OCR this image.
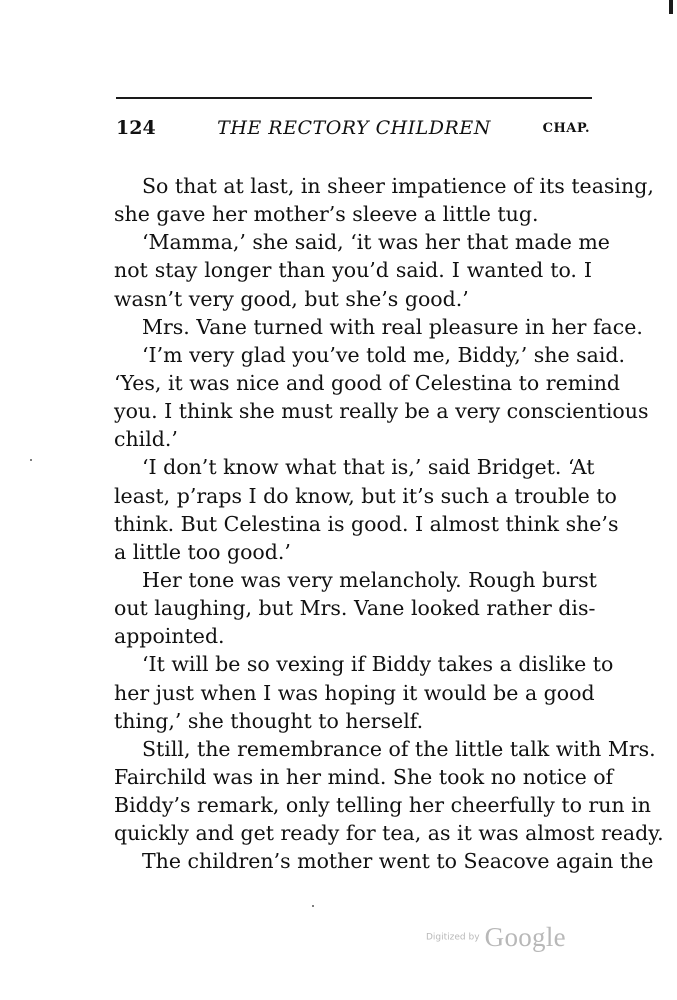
124	THE RECTORY CHILDREN	CHAP.
So that at last, in sheer impatience of its teasing,
she gave her mother’s sleeve a little tug.
‘Mamma,’ she said, ‘it was her that made me
not stay longer than you’d said. I wanted to. I
wasn’t very good, but she’s good.’
Mrs. Vane turned with real pleasure in her face.
‘I’m very glad you’ve told me, Biddy,’ she said.
‘Yes, it was nice and good of Celestina to remind
you. I think she must really be a very conscientious
child.’
‘I don’t know what that is,’ said Bridget. ‘At
least, p’raps I do know, but it’s such a trouble to
think. But Celestina is good. I almost think she’s
a little too good.’
Her tone was very melancholy. Rough burst
out laughing, but Mrs. Vane looked rather dis-
appointed.
‘It will be so vexing if Biddy takes a dislike to
her just when I was hoping it would be a good
thing,’ she thought to herself.
Still, the remembrance of the little talk with Mrs.
Fairchild was in her mind. She took no notice of
Biddy’s remark, only telling her cheerfully to run in
quickly and get ready for tea, as it was almost ready.
The children’s mother went to Seacove again the
Digitized by Google
